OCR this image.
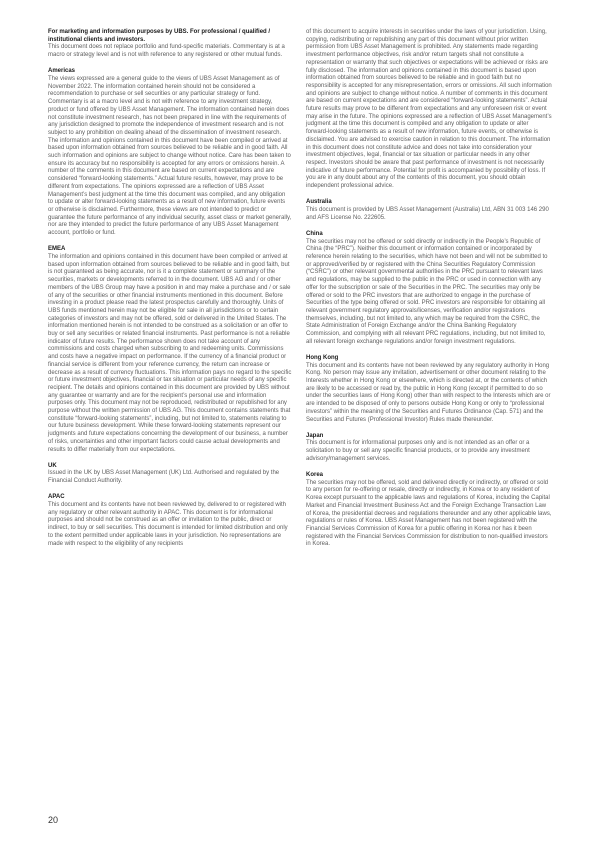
For marketing and information purposes by UBS. For professional / qualified / institutional clients and investors.

This document does not replace portfolio and fund-specific materials. Commentary is at a macro or strategy level and is not with reference to any registered or other mutual funds.

Americas

The views expressed are a general guide to the views of UBS Asset Management as of November 2022. The information contained herein should not be considered a recommendation to purchase or sell securities or any particular strategy or fund. Commentary is at a macro level and is not with reference to any investment strategy, product or fund offered by UBS Asset Management. The information contained herein does not constitute investment research, has not been prepared in line with the requirements of any jurisdiction designed to promote the independence of investment research and is not subject to any prohibition on dealing ahead of the dissemination of investment research. The information and opinions contained in this document have been compiled or arrived at based upon information obtained from sources believed to be reliable and in good faith. All such information and opinions are subject to change without notice. Care has been taken to ensure its accuracy but no responsibility is accepted for any errors or omissions herein. A number of the comments in this document are based on current expectations and are considered “forward-looking statements.” Actual future results, however, may prove to be different from expectations. The opinions expressed are a reflection of UBS Asset Management’s best judgment at the time this document was compiled, and any obligation to update or alter forward-looking statements as a result of new information, future events or otherwise is disclaimed. Furthermore, these views are not intended to predict or guarantee the future performance of any individual security, asset class or market generally, nor are they intended to predict the future performance of any UBS Asset Management account, portfolio or fund.

EMEA

The information and opinions contained in this document have been compiled or arrived at based upon information obtained from sources believed to be reliable and in good faith, but is not guaranteed as being accurate, nor is it a complete statement or summary of the securities, markets or developments referred to in the document. UBS AG and / or other members of the UBS Group may have a position in and may make a purchase and / or sale of any of the securities or other financial instruments mentioned in this document. Before investing in a product please read the latest prospectus carefully and thoroughly. Units of UBS funds mentioned herein may not be eligible for sale in all jurisdictions or to certain categories of investors and may not be offered, sold or delivered in the United States. The information mentioned herein is not intended to be construed as a solicitation or an offer to buy or sell any securities or related financial instruments. Past performance is not a reliable indicator of future results. The performance shown does not take account of any commissions and costs charged when subscribing to and redeeming units. Commissions and costs have a negative impact on performance. If the currency of a financial product or financial service is different from your reference currency, the return can increase or decrease as a result of currency fluctuations. This information pays no regard to the specific or future investment objectives, financial or tax situation or particular needs of any specific recipient. The details and opinions contained in this document are provided by UBS without any guarantee or warranty and are for the recipient’s personal use and information purposes only. This document may not be reproduced, redistributed or republished for any purpose without the written permission of UBS AG. This document contains statements that constitute “forward-looking statements”, including, but not limited to, statements relating to our future business development. While these forward-looking statements represent our judgments and future expectations concerning the development of our business, a number of risks, uncertainties and other important factors could cause actual developments and results to differ materially from our expectations.

UK

Issued in the UK by UBS Asset Management (UK) Ltd. Authorised and regulated by the Financial Conduct Authority.

APAC

This document and its contents have not been reviewed by, delivered to or registered with any regulatory or other relevant authority in APAC. This document is for informational purposes and should not be construed as an offer or invitation to the public, direct or indirect, to buy or sell securities. This document is intended for limited distribution and only to the extent permitted under applicable laws in your jurisdiction. No representations are made with respect to the eligibility of any recipients

of this document to acquire interests in securities under the laws of your jurisdiction. Using, copying, redistributing or republishing any part of this document without prior written permission from UBS Asset Management is prohibited. Any statements made regarding investment performance objectives, risk and/or return targets shall not constitute a representation or warranty that such objectives or expectations will be achieved or risks are fully disclosed. The information and opinions contained in this document is based upon information obtained from sources believed to be reliable and in good faith but no responsibility is accepted for any misrepresentation, errors or omissions. All such information and opinions are subject to change without notice. A number of comments in this document are based on current expectations and are considered “forward-looking statements”. Actual future results may prove to be different from expectations and any unforeseen risk or event may arise in the future. The opinions expressed are a reflection of UBS Asset Management’s judgment at the time this document is compiled and any obligation to update or alter forward-looking statements as a result of new information, future events, or otherwise is disclaimed. You are advised to exercise caution in relation to this document. The information in this document does not constitute advice and does not take into consideration your investment objectives, legal, financial or tax situation or particular needs in any other respect. Investors should be aware that past performance of investment is not necessarily indicative of future performance. Potential for profit is accompanied by possibility of loss. If you are in any doubt about any of the contents of this document, you should obtain independent professional advice.

Australia

This document is provided by UBS Asset Management (Australia) Ltd, ABN 31 003 146 290 and AFS License No. 222605.

China

The securities may not be offered or sold directly or indirectly in the People’s Republic of China (the “PRC”). Neither this document or information contained or incorporated by reference herein relating to the securities, which have not been and will not be submitted to or approved/verified by or registered with the China Securities Regulatory Commission (“CSRC”) or other relevant governmental authorities in the PRC pursuant to relevant laws and regulations, may be supplied to the public in the PRC or used in connection with any offer for the subscription or sale of the Securities in the PRC. The securities may only be offered or sold to the PRC investors that are authorized to engage in the purchase of Securities of the type being offered or sold. PRC investors are responsible for obtaining all relevant government regulatory approvals/licenses, verification and/or registrations themselves, including, but not limited to, any which may be required from the CSRC, the State Administration of Foreign Exchange and/or the China Banking Regulatory Commission, and complying with all relevant PRC regulations, including, but not limited to, all relevant foreign exchange regulations and/or foreign investment regulations.

Hong Kong

This document and its contents have not been reviewed by any regulatory authority in Hong Kong. No person may issue any invitation, advertisement or other document relating to the Interests whether in Hong Kong or elsewhere, which is directed at, or the contents of which are likely to be accessed or read by, the public in Hong Kong (except if permitted to do so under the securities laws of Hong Kong) other than with respect to the Interests which are or are intended to be disposed of only to persons outside Hong Kong or only to “professional investors” within the meaning of the Securities and Futures Ordinance (Cap. 571) and the Securities and Futures (Professional Investor) Rules made thereunder.

Japan

This document is for informational purposes only and is not intended as an offer or a solicitation to buy or sell any specific financial products, or to provide any investment advisory/management services.

Korea

The securities may not be offered, sold and delivered directly or indirectly, or offered or sold to any person for re-offering or resale, directly or indirectly, in Korea or to any resident of Korea except pursuant to the applicable laws and regulations of Korea, including the Capital Market and Financial Investment Business Act and the Foreign Exchange Transaction Law of Korea, the presidential decrees and regulations thereunder and any other applicable laws, regulations or rules of Korea. UBS Asset Management has not been registered with the Financial Services Commission of Korea for a public offering in Korea nor has it been registered with the Financial Services Commission for distribution to non-qualified investors in Korea.

20
